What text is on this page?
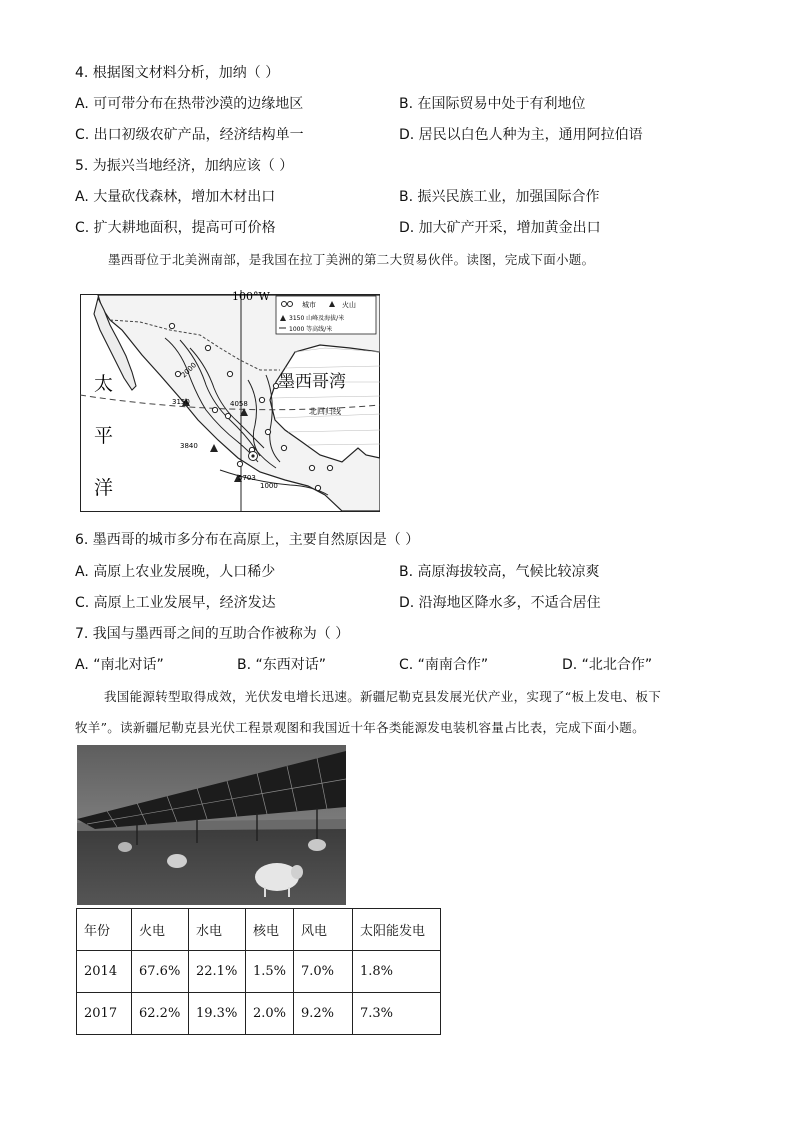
4. 根据图文材料分析，加纳（ ）
A. 可可带分布在热带沙漠的边缘地区	B. 在国际贸易中处于有利地位
C. 出口初级农矿产品，经济结构单一	D. 居民以白色人种为主，通用阿拉伯语
5. 为振兴当地经济，加纳应该（ ）
A. 大量砍伐森林，增加木材出口	B. 振兴民族工业，加强国际合作
C. 扩大耕地面积，提高可可价格	D. 加大矿产开采，增加黄金出口
墨西哥位于北美洲南部，是我国在拉丁美洲的第二大贸易伙伴。读图，完成下面小题。
3150	4058
3840
5703
2000
1000
100°W
城市	火山
3150 山峰及海拔/米
1000 等高线/米
墨西哥湾
北回归线
太
平
洋
6. 墨西哥的城市多分布在高原上，主要自然原因是（ ）
A. 高原上农业发展晚，人口稀少	B. 高原海拔较高，气候比较凉爽
C. 高原上工业发展早，经济发达	D. 沿海地区降水多，不适合居住
7. 我国与墨西哥之间的互助合作被称为（ ）
A. “南北对话”	B. “东西对话”	C. “南南合作”	D. “北北合作”
我国能源转型取得成效，光伏发电增长迅速。新疆尼勒克县发展光伏产业，实现了“板上发电、板下
牧羊”。读新疆尼勒克县光伏工程景观图和我国近十年各类能源发电装机容量占比表，完成下面小题。
年份	火电	水电	核电	风电	太阳能发电
2014	67.6%	22.1%	1.5%	7.0%	1.8%
2017	62.2%	19.3%	2.0%	9.2%	7.3%
